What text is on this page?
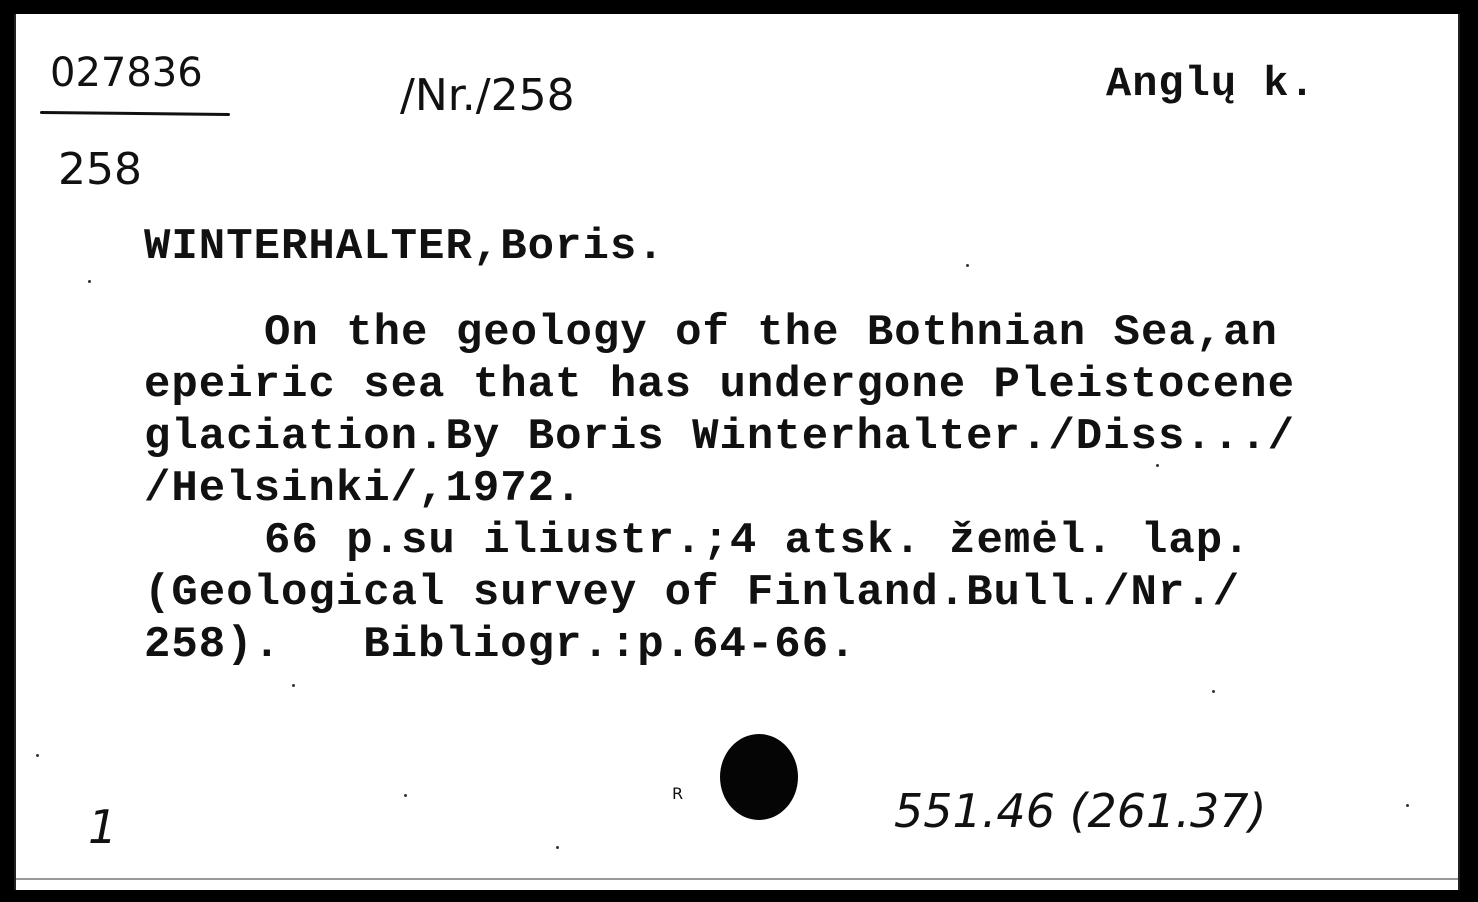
027836
258
/Nr./258	Anglų k.
WINTERHALTER,Boris.
On the geology of the Bothnian Sea,an
epeiric sea that has undergone Pleistocene
glaciation.By Boris Winterhalter./Diss.../
/Helsinki/,1972.
66 p.su iliustr.;4 atsk. žemėl. lap.
(Geological survey of Finland.Bull./Nr./
258).   Bibliogr.:p.64-66.
1
R	551.46 (261.37)
